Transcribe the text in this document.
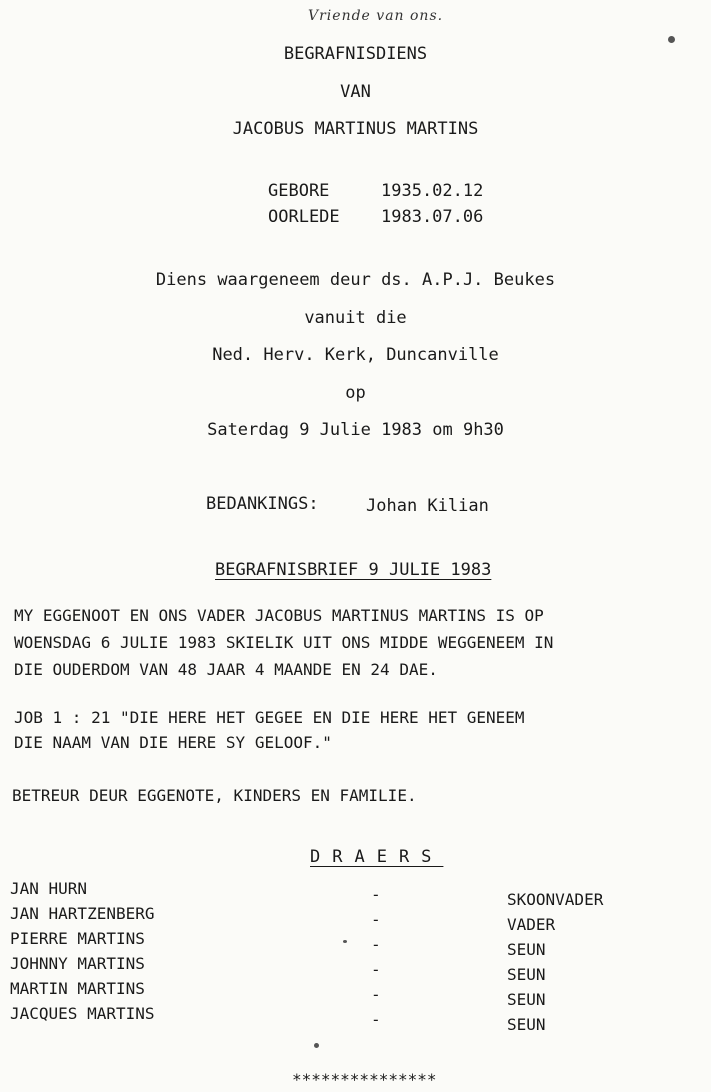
Vriende van ons.
BEGRAFNISDIENS
VAN
JACOBUS MARTINUS MARTINS
GEBORE	1935.02.12
OORLEDE 1983.07.06
Diens waargeneem deur ds. A.P.J. Beukes
vanuit die
Ned. Herv. Kerk, Duncanville
op
Saterdag 9 Julie 1983 om 9h30
BEDANKINGS:	Johan Kilian
BEGRAFNISBRIEF 9 JULIE 1983
MY EGGENOOT EN ONS VADER JACOBUS MARTINUS MARTINS IS OP
WOENSDAG 6 JULIE 1983 SKIELIK UIT ONS MIDDE WEGGENEEM IN
DIE OUDERDOM VAN 48 JAAR 4 MAANDE EN 24 DAE.
JOB 1 : 21 "DIE HERE HET GEGEE EN DIE HERE HET GENEEM
DIE NAAM VAN DIE HERE SY GELOOF."
BETREUR DEUR EGGENOTE, KINDERS EN FAMILIE.
DRAERS
JAN HURN	-	SKOONVADER
JAN HARTZENBERG	-	VADER
PIERRE MARTINS	-	SEUN
JOHNNY MARTINS	-	SEUN
MARTIN MARTINS	-	SEUN
JACQUES MARTINS	-	SEUN
***************
